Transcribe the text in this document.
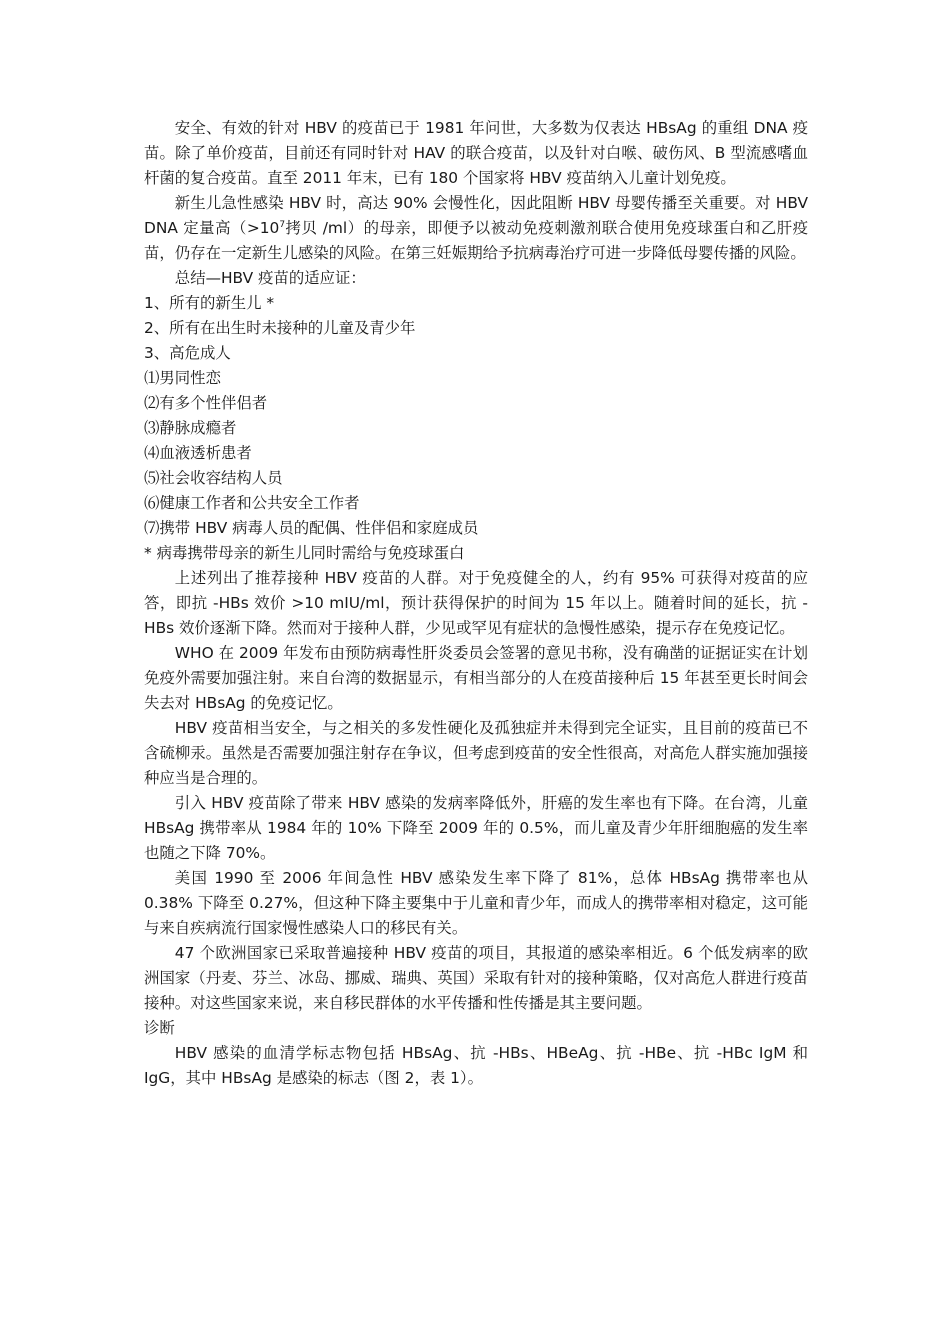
安全、有效的针对 HBV 的疫苗已于 1981 年问世，大多数为仅表达 HBsAg 的重组 DNA 疫苗。除了单价疫苗，目前还有同时针对 HAV 的联合疫苗，以及针对白喉、破伤风、B 型流感嗜血杆菌的复合疫苗。直至 2011 年末，已有 180 个国家将 HBV 疫苗纳入儿童计划免疫。

新生儿急性感染 HBV 时，高达 90% 会慢性化，因此阻断 HBV 母婴传播至关重要。对 HBV DNA 定量高（$>10^7$拷贝 /ml）的母亲，即便予以被动免疫刺激剂联合使用免疫球蛋白和乙肝疫苗，仍存在一定新生儿感染的风险。在第三妊娠期给予抗病毒治疗可进一步降低母婴传播的风险。

总结—HBV 疫苗的适应证：

1、所有的新生儿 *

2、所有在出生时未接种的儿童及青少年

3、高危成人

⑴男同性恋

⑵有多个性伴侣者

⑶静脉成瘾者

⑷血液透析患者

⑸社会收容结构人员

⑹健康工作者和公共安全工作者

⑺携带 HBV 病毒人员的配偶、性伴侣和家庭成员

* 病毒携带母亲的新生儿同时需给与免疫球蛋白

上述列出了推荐接种 HBV 疫苗的人群。对于免疫健全的人，约有 95% 可获得对疫苗的应答，即抗 -HBs 效价 >10 mIU/ml，预计获得保护的时间为 15 年以上。随着时间的延长，抗 -HBs 效价逐渐下降。然而对于接种人群，少见或罕见有症状的急慢性感染，提示存在免疫记忆。

WHO 在 2009 年发布由预防病毒性肝炎委员会签署的意见书称，没有确凿的证据证实在计划免疫外需要加强注射。来自台湾的数据显示，有相当部分的人在疫苗接种后 15 年甚至更长时间会失去对 HBsAg 的免疫记忆。

HBV 疫苗相当安全，与之相关的多发性硬化及孤独症并未得到完全证实，且目前的疫苗已不含硫柳汞。虽然是否需要加强注射存在争议，但考虑到疫苗的安全性很高，对高危人群实施加强接种应当是合理的。

引入 HBV 疫苗除了带来 HBV 感染的发病率降低外，肝癌的发生率也有下降。在台湾，儿童 HBsAg 携带率从 1984 年的 10% 下降至 2009 年的 0.5%，而儿童及青少年肝细胞癌的发生率也随之下降 70%。

美国 1990 至 2006 年间急性 HBV 感染发生率下降了 81%，总体 HBsAg 携带率也从 0.38% 下降至 0.27%，但这种下降主要集中于儿童和青少年，而成人的携带率相对稳定，这可能与来自疾病流行国家慢性感染人口的移民有关。

47 个欧洲国家已采取普遍接种 HBV 疫苗的项目，其报道的感染率相近。6 个低发病率的欧洲国家（丹麦、芬兰、冰岛、挪威、瑞典、英国）采取有针对的接种策略，仅对高危人群进行疫苗接种。对这些国家来说，来自移民群体的水平传播和性传播是其主要问题。

诊断

HBV 感染的血清学标志物包括 HBsAg、抗 -HBs、HBeAg、抗 -HBe、抗 -HBc IgM 和 IgG，其中 HBsAg 是感染的标志（图 2，表 1）。
